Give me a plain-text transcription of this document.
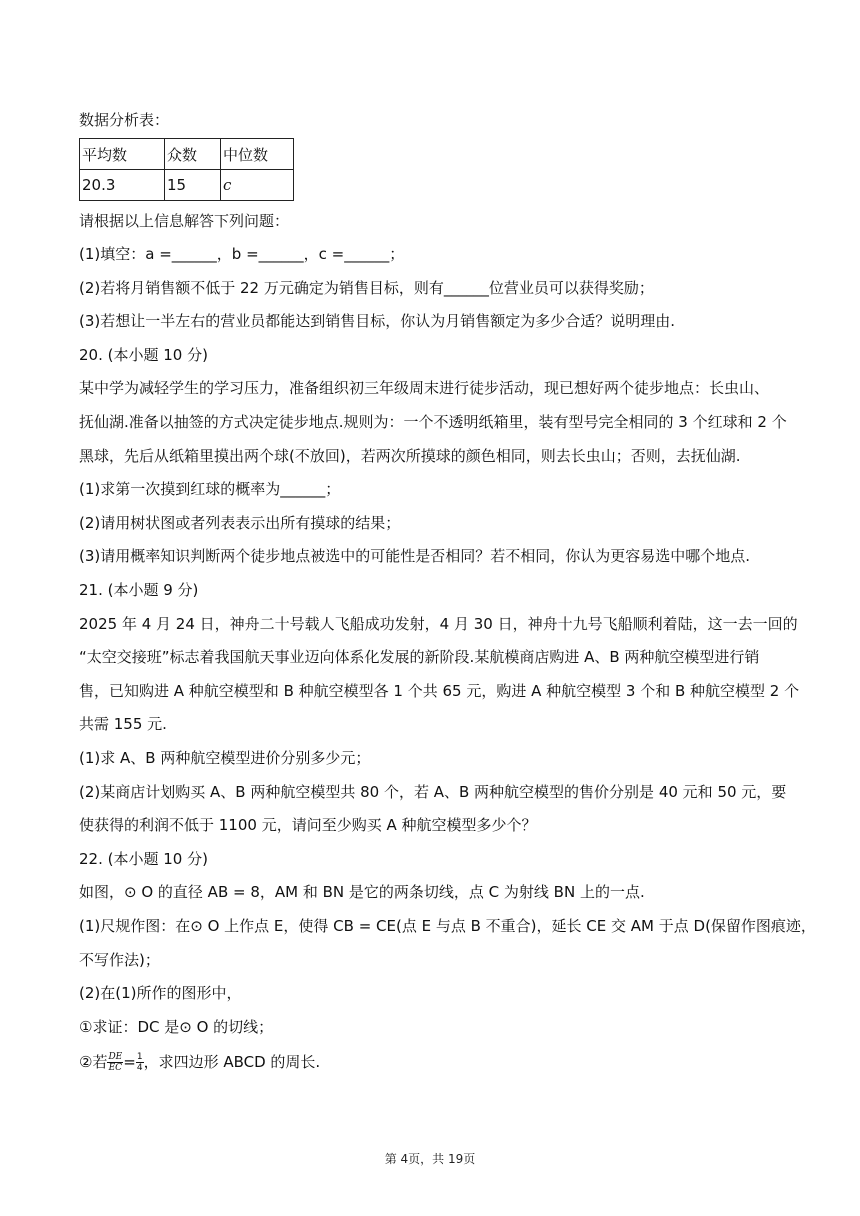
数据分析表：
平均数	众数	中位数
20.3	15	c
请根据以上信息解答下列问题：
(1)填空：a =______，b =______，c =______；
(2)若将月销售额不低于 22 万元确定为销售目标，则有______位营业员可以获得奖励；
(3)若想让一半左右的营业员都能达到销售目标，你认为月销售额定为多少合适？说明理由.
20. (本小题 10 分)
某中学为减轻学生的学习压力，准备组织初三年级周末进行徒步活动，现已想好两个徒步地点：长虫山、
抚仙湖.准备以抽签的方式决定徒步地点.规则为：一个不透明纸箱里，装有型号完全相同的 3 个红球和 2 个
黑球，先后从纸箱里摸出两个球(不放回)，若两次所摸球的颜色相同，则去长虫山；否则，去抚仙湖.
(1)求第一次摸到红球的概率为______；
(2)请用树状图或者列表表示出所有摸球的结果；
(3)请用概率知识判断两个徒步地点被选中的可能性是否相同？若不相同，你认为更容易选中哪个地点.
21. (本小题 9 分)
2025 年 4 月 24 日，神舟二十号载人飞船成功发射，4 月 30 日，神舟十九号飞船顺利着陆，这一去一回的
“太空交接班”标志着我国航天事业迈向体系化发展的新阶段.某航模商店购进 A、B 两种航空模型进行销
售，已知购进 A 种航空模型和 B 种航空模型各 1 个共 65 元，购进 A 种航空模型 3 个和 B 种航空模型 2 个
共需 155 元.
(1)求 A、B 两种航空模型进价分别多少元；
(2)某商店计划购买 A、B 两种航空模型共 80 个，若 A、B 两种航空模型的售价分别是 40 元和 50 元，要
使获得的利润不低于 1100 元，请问至少购买 A 种航空模型多少个？
22. (本小题 10 分)
如图，⊙ O 的直径 AB = 8，AM 和 BN 是它的两条切线，点 C 为射线 BN 上的一点.
(1)尺规作图：在⊙ O 上作点 E，使得 CB = CE(点 E 与点 B 不重合)，延长 CE 交 AM 于点 D(保留作图痕迹，
不写作法)；
(2)在(1)所作的图形中，
①求证：DC 是⊙ O 的切线；
②若 $\frac{DE}{EC} = \frac{1}{4}$ ，求四边形 ABCD 的周长.
第 4页，共 19页
